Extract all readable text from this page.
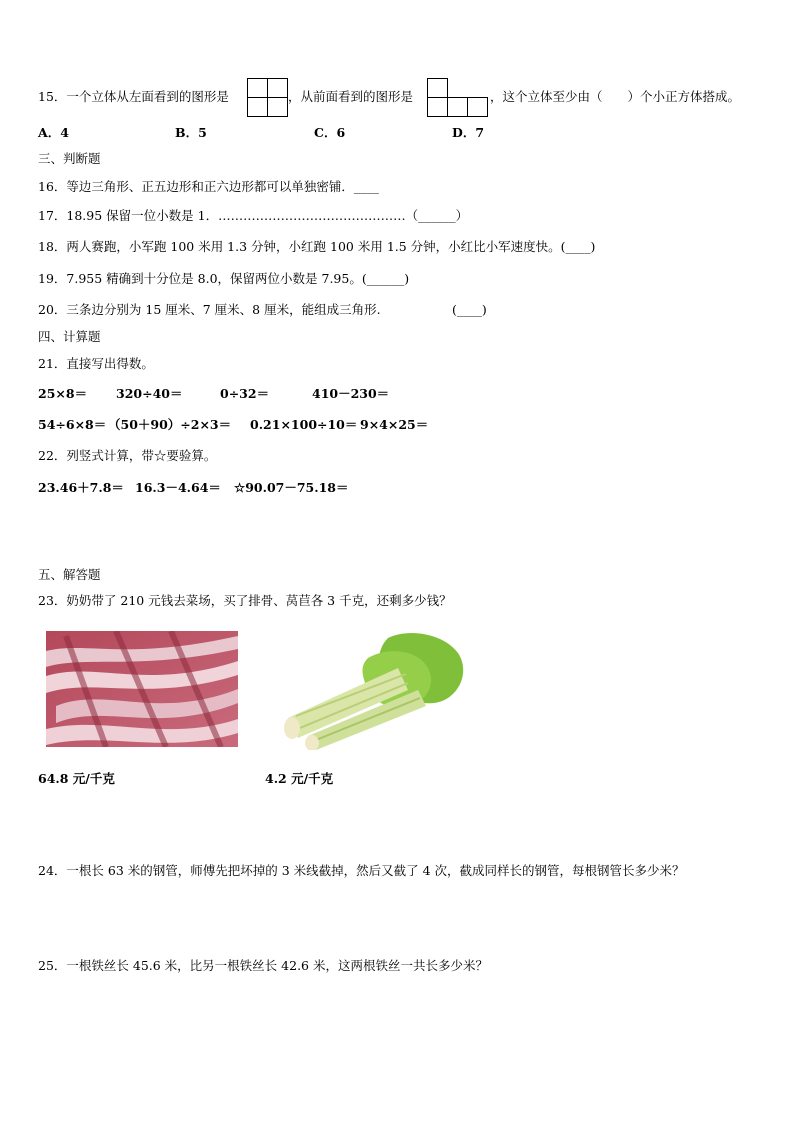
15．一个立体从左面看到的图形是

		，从前面看到的图形是

			，这个立体至少由（　　）个小正方体搭成。
A．4	B．5	C．6	D．7
三、判断题
16．等边三角形、正五边形和正六边形都可以单独密铺．____
17．18.95 保留一位小数是 1．………………………………………（______）
18．两人赛跑，小军跑 100 米用 1.3 分钟，小红跑 100 米用 1.5 分钟，小红比小军速度快。(____)
19．7.955 精确到十分位是 8.0，保留两位小数是 7.95。(______)
20．三条边分别为 15 厘米、7 厘米、8 厘米，能组成三角形.	(____)
四、计算题
21．直接写出得数。
25×8＝ 320÷40＝	0÷32＝	410－230＝
54÷6×8＝ （50＋90）÷2×3＝ 0.21×100÷10＝ 9×4×25＝
22．列竖式计算，带☆要验算。
23.46＋7.8＝ 16.3－4.64＝ ☆90.07－75.18＝
五、解答题
23．奶奶带了 210 元钱去菜场，买了排骨、莴苣各 3 千克，还剩多少钱？
64.8 元/千克	4.2 元/千克
24．一根长 63 米的钢管，师傅先把坏掉的 3 米线截掉，然后又截了 4 次，截成同样长的钢管，每根钢管长多少米？
25．一根铁丝长 45.6 米，比另一根铁丝长 42.6 米，这两根铁丝一共长多少米？
